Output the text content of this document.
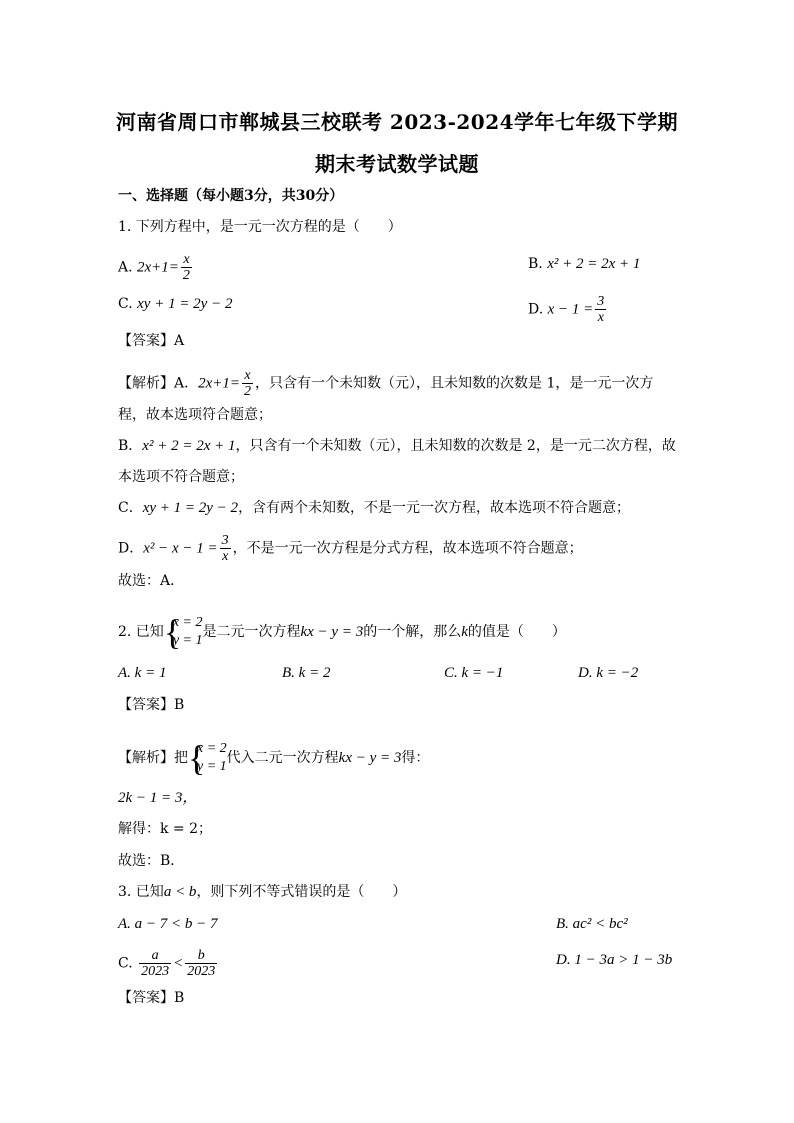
河南省周口市郸城县三校联考 2023-2024学年七年级下学期
期末考试数学试题
一、选择题（每小题3分，共30分）
1. 下列方程中，是一元一次方程的是（　　）
A. $2x+1= \frac{x}{2}$	B. x² + 2 = 2x + 1
C. xy + 1 = 2y − 2	D. $x - 1 = \frac{3}{x}$
【答案】A
【解析】A．$2x+1= \frac{x}{2}$ ，只含有一个未知数（元），且未知数的次数是 1，是一元一次方
程，故本选项符合题意；
B．x² + 2 = 2x + 1，只含有一个未知数（元），且未知数的次数是 2，是一元二次方程，故
本选项不符合题意；
C．xy + 1 = 2y − 2，含有两个未知数，不是一元一次方程，故本选项不符合题意；
D．$x^2 - x - 1 = \frac{3}{x}$ ，不是一元一次方程是分式方程，故本选项不符合题意；
故选：A．
2. 已知 {
x = 2
y = 1
是二元一次方程kx − y = 3的一个解，那么k的值是（　　）
A. k = 1	B. k = 2	C. k = −1	D. k = −2
【答案】B
【解析】把 {
x = 2
y = 1
代入二元一次方程kx − y = 3得：
2k − 1 = 3，
解得：k = 2；
故选：B．
3. 已知a < b，则下列不等式错误的是（　　）
A. a − 7 < b − 7	B. ac² < bc²
C. $\frac{a}{2023} < \frac{b}{2023}$	D. 1 − 3a > 1 − 3b
【答案】B
